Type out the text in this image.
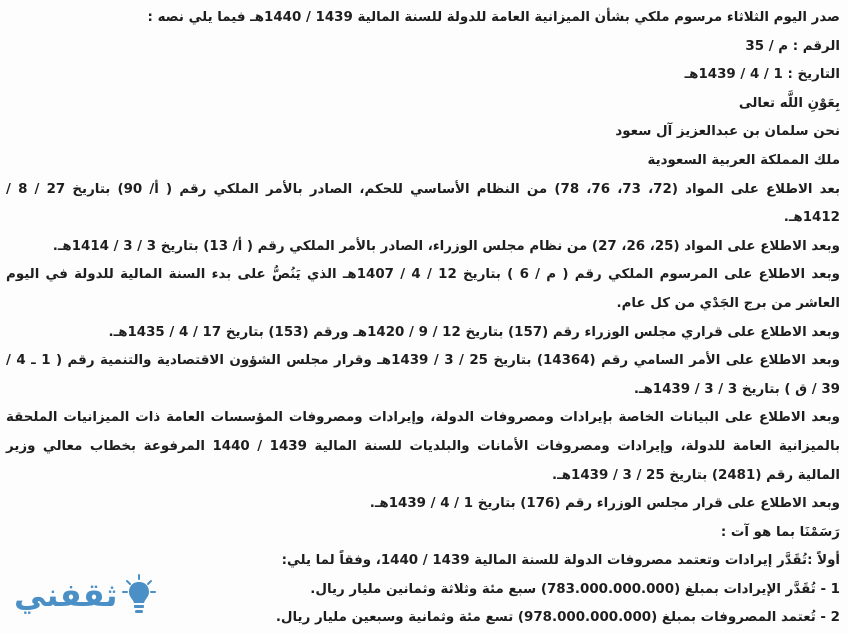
صدر اليوم الثلاثاء مرسوم ملكي بشأن الميزانية العامة للدولة للسنة المالية 1439 / 1440هـ فيما يلي نصه :

الرقم : م / 35

التاريخ : 1 / 4 / 1439هـ

بِعَوْنِ اللَّه تعالى

نحن سلمان بن عبدالعزيز آل سعود

ملك المملكة العربية السعودية

بعد الاطلاع على المواد (72، 73، 76، 78) من النظام الأساسي للحكم، الصادر بالأمر الملكي رقم ( أ/ 90) بتاريخ 27 / 8 / 1412هـ.

وبعد الاطلاع على المواد (25، 26، 27) من نظام مجلس الوزراء، الصادر بالأمر الملكي رقم ( أ/ 13) بتاريخ 3 / 3 / 1414هـ.

وبعد الاطلاع على المرسوم الملكي رقم ( م / 6 ) بتاريخ 12 / 4 / 1407هـ الذي يَنُصُّ على بدء السنة المالية للدولة في اليوم العاشر من برج الجَدْي من كل عام.

وبعد الاطلاع على قراري مجلس الوزراء رقم (157) بتاريخ 12 / 9 / 1420هـ ورقم (153) بتاريخ 17 / 4 / 1435هـ.

وبعد الاطلاع على الأمر السامي رقم (14364) بتاريخ 25 / 3 / 1439هـ وقرار مجلس الشؤون الاقتصادية والتنمية رقم ( 1 ـ 4 / 39 / ق ) بتاريخ 3 / 3 / 1439هـ.

وبعد الاطلاع على البيانات الخاصة بإيرادات ومصروفات الدولة، وإيرادات ومصروفات المؤسسات العامة ذات الميزانيات الملحقة بالميزانية العامة للدولة، وإيرادات ومصروفات الأمانات والبلديات للسنة المالية 1439 / 1440 المرفوعة بخطاب معالي وزير المالية رقم (2481) بتاريخ 25 / 3 / 1439هـ.

وبعد الاطلاع على قرار مجلس الوزراء رقم (176) بتاريخ 1 / 4 / 1439هـ.

رَسَمْنَا بما هو آت :

أولاً :تُقَدَّر إيرادات وتعتمد مصروفات الدولة للسنة المالية 1439 / 1440، وفقاً لما يلي:

1 - تُقَدَّر الإيرادات بمبلغ (783.000.000.000) سبع مئة وثلاثة وثمانين مليار ريال.

2 - تُعتمد المصروفات بمبلغ (978.000.000.000) تسع مئة وثمانية وسبعين مليار ريال.

ثقفني
